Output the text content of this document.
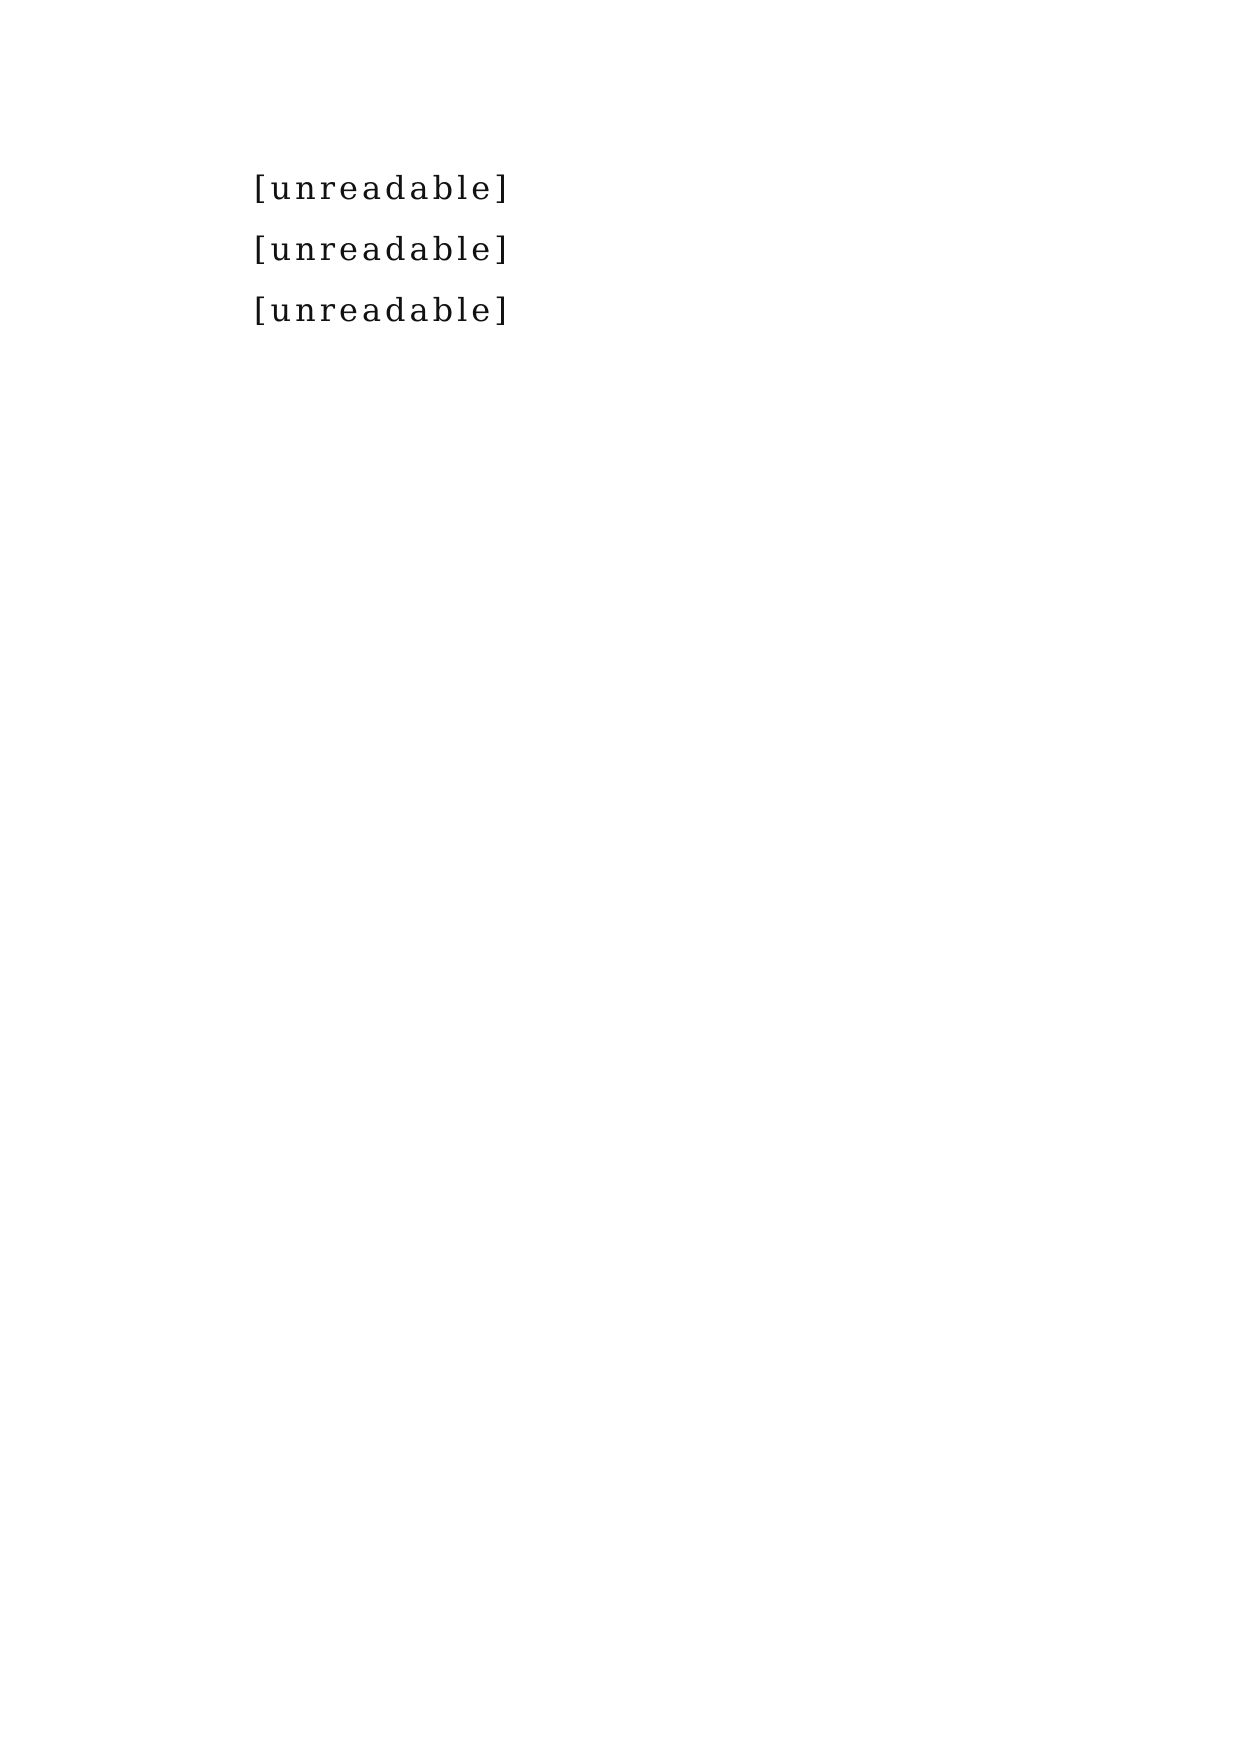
[unreadable]

[unreadable]

[unreadable]
